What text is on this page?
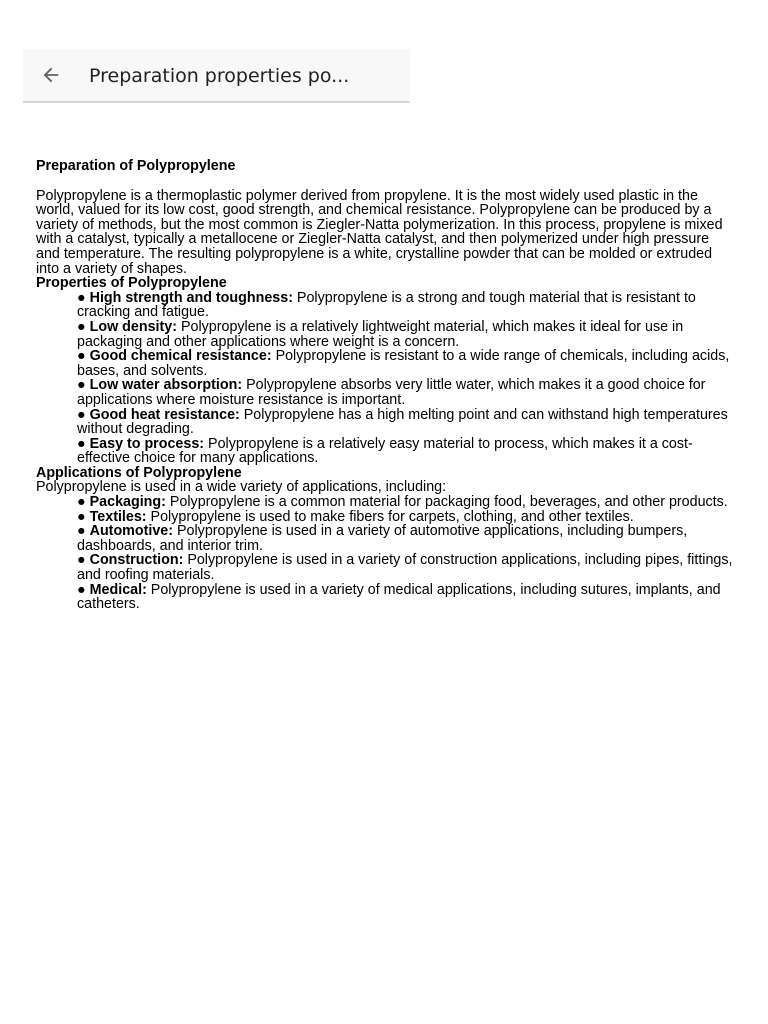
Preparation properties po...

Preparation of Polypropylene

Polypropylene is a thermoplastic polymer derived from propylene. It is the most widely used plastic in the world, valued for its low cost, good strength, and chemical resistance. Polypropylene can be produced by a variety of methods, but the most common is Ziegler-Natta polymerization. In this process, propylene is mixed with a catalyst, typically a metallocene or Ziegler-Natta catalyst, and then polymerized under high pressure and temperature. The resulting polypropylene is a white, crystalline powder that can be molded or extruded into a variety of shapes.

Properties of Polypropylene

● High strength and toughness: Polypropylene is a strong and tough material that is resistant to cracking and fatigue.
● Low density: Polypropylene is a relatively lightweight material, which makes it ideal for use in packaging and other applications where weight is a concern.
● Good chemical resistance: Polypropylene is resistant to a wide range of chemicals, including acids, bases, and solvents.
● Low water absorption: Polypropylene absorbs very little water, which makes it a good choice for applications where moisture resistance is important.
● Good heat resistance: Polypropylene has a high melting point and can withstand high temperatures without degrading.
● Easy to process: Polypropylene is a relatively easy material to process, which makes it a cost-effective choice for many applications.

Applications of Polypropylene

Polypropylene is used in a wide variety of applications, including:

● Packaging: Polypropylene is a common material for packaging food, beverages, and other products.
● Textiles: Polypropylene is used to make fibers for carpets, clothing, and other textiles.
● Automotive: Polypropylene is used in a variety of automotive applications, including bumpers, dashboards, and interior trim.
● Construction: Polypropylene is used in a variety of construction applications, including pipes, fittings, and roofing materials.
● Medical: Polypropylene is used in a variety of medical applications, including sutures, implants, and catheters.
